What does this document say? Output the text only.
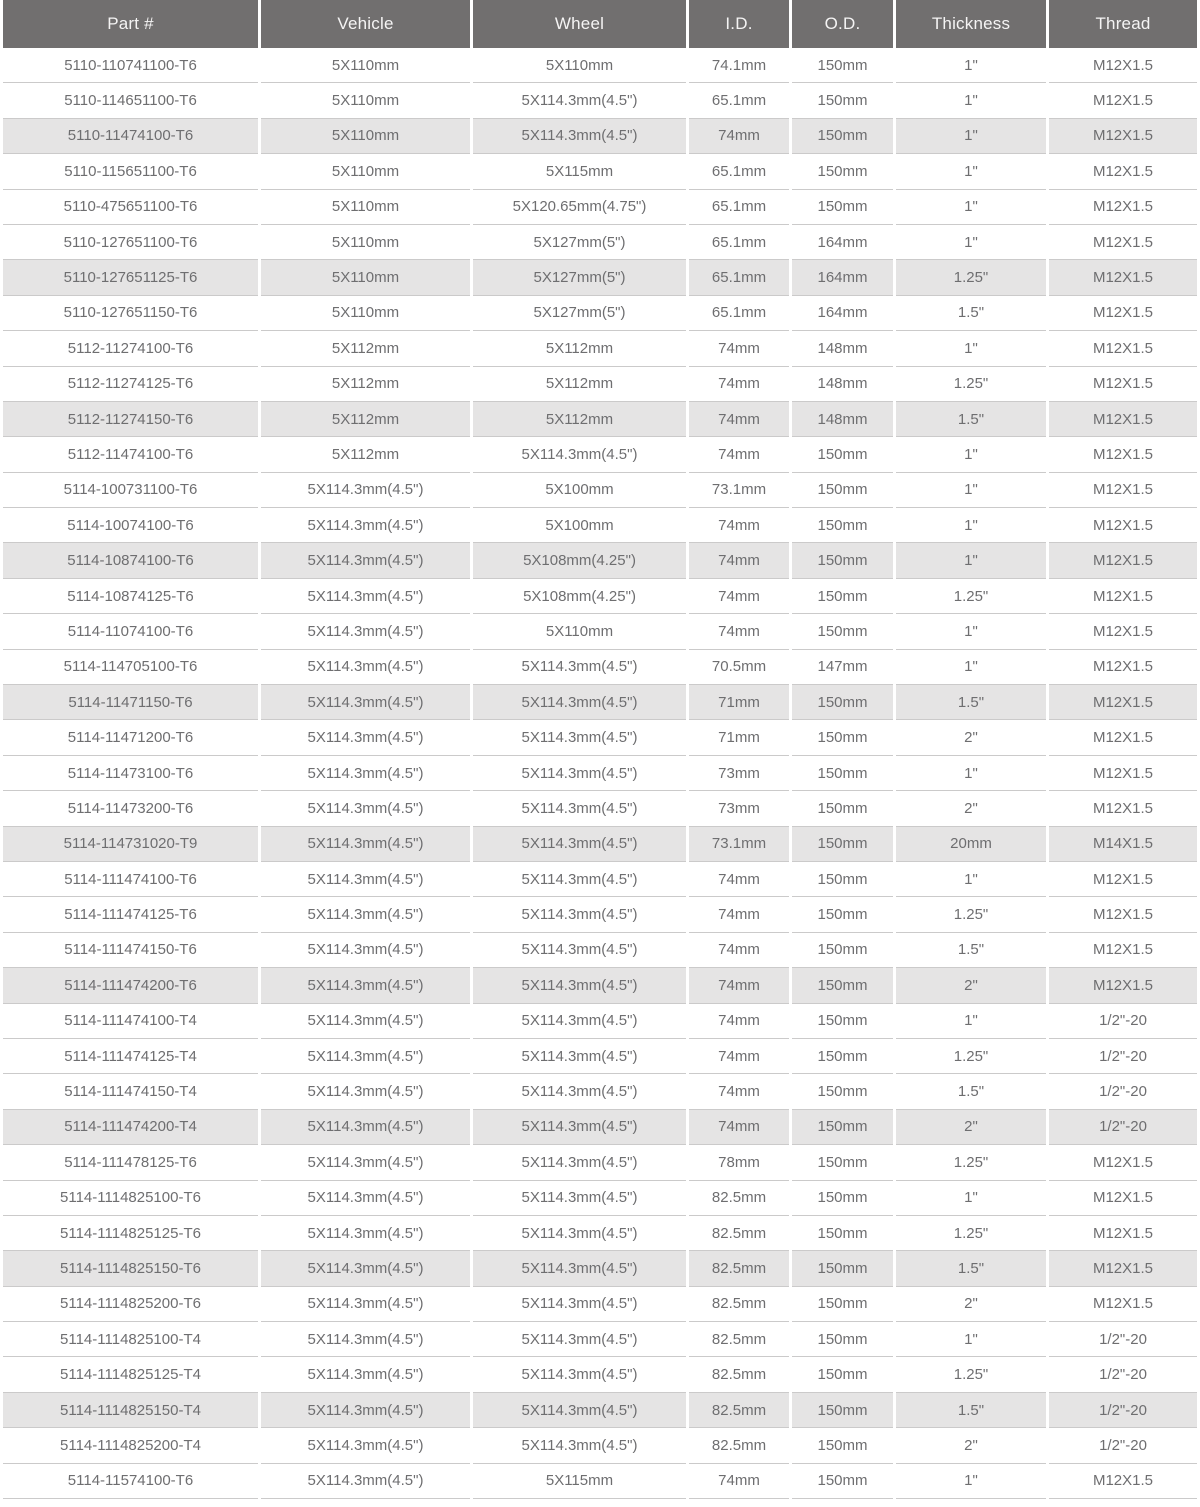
Part #	Vehicle	Wheel	I.D.	O.D.	Thickness	Thread
5110-110741100-T6	5X110mm	5X110mm	74.1mm	150mm	1"	M12X1.5
5110-114651100-T6	5X110mm	5X114.3mm(4.5")	65.1mm	150mm	1"	M12X1.5
5110-11474100-T6	5X110mm	5X114.3mm(4.5")	74mm	150mm	1"	M12X1.5
5110-115651100-T6	5X110mm	5X115mm	65.1mm	150mm	1"	M12X1.5
5110-475651100-T6	5X110mm	5X120.65mm(4.75")	65.1mm	150mm	1"	M12X1.5
5110-127651100-T6	5X110mm	5X127mm(5")	65.1mm	164mm	1"	M12X1.5
5110-127651125-T6	5X110mm	5X127mm(5")	65.1mm	164mm	1.25"	M12X1.5
5110-127651150-T6	5X110mm	5X127mm(5")	65.1mm	164mm	1.5"	M12X1.5
5112-11274100-T6	5X112mm	5X112mm	74mm	148mm	1"	M12X1.5
5112-11274125-T6	5X112mm	5X112mm	74mm	148mm	1.25"	M12X1.5
5112-11274150-T6	5X112mm	5X112mm	74mm	148mm	1.5"	M12X1.5
5112-11474100-T6	5X112mm	5X114.3mm(4.5")	74mm	150mm	1"	M12X1.5
5114-100731100-T6	5X114.3mm(4.5")	5X100mm	73.1mm	150mm	1"	M12X1.5
5114-10074100-T6	5X114.3mm(4.5")	5X100mm	74mm	150mm	1"	M12X1.5
5114-10874100-T6	5X114.3mm(4.5")	5X108mm(4.25")	74mm	150mm	1"	M12X1.5
5114-10874125-T6	5X114.3mm(4.5")	5X108mm(4.25")	74mm	150mm	1.25"	M12X1.5
5114-11074100-T6	5X114.3mm(4.5")	5X110mm	74mm	150mm	1"	M12X1.5
5114-114705100-T6	5X114.3mm(4.5")	5X114.3mm(4.5")	70.5mm	147mm	1"	M12X1.5
5114-11471150-T6	5X114.3mm(4.5")	5X114.3mm(4.5")	71mm	150mm	1.5"	M12X1.5
5114-11471200-T6	5X114.3mm(4.5")	5X114.3mm(4.5")	71mm	150mm	2"	M12X1.5
5114-11473100-T6	5X114.3mm(4.5")	5X114.3mm(4.5")	73mm	150mm	1"	M12X1.5
5114-11473200-T6	5X114.3mm(4.5")	5X114.3mm(4.5")	73mm	150mm	2"	M12X1.5
5114-114731020-T9	5X114.3mm(4.5")	5X114.3mm(4.5")	73.1mm	150mm	20mm	M14X1.5
5114-111474100-T6	5X114.3mm(4.5")	5X114.3mm(4.5")	74mm	150mm	1"	M12X1.5
5114-111474125-T6	5X114.3mm(4.5")	5X114.3mm(4.5")	74mm	150mm	1.25"	M12X1.5
5114-111474150-T6	5X114.3mm(4.5")	5X114.3mm(4.5")	74mm	150mm	1.5"	M12X1.5
5114-111474200-T6	5X114.3mm(4.5")	5X114.3mm(4.5")	74mm	150mm	2"	M12X1.5
5114-111474100-T4	5X114.3mm(4.5")	5X114.3mm(4.5")	74mm	150mm	1"	1/2"-20
5114-111474125-T4	5X114.3mm(4.5")	5X114.3mm(4.5")	74mm	150mm	1.25"	1/2"-20
5114-111474150-T4	5X114.3mm(4.5")	5X114.3mm(4.5")	74mm	150mm	1.5"	1/2"-20
5114-111474200-T4	5X114.3mm(4.5")	5X114.3mm(4.5")	74mm	150mm	2"	1/2"-20
5114-111478125-T6	5X114.3mm(4.5")	5X114.3mm(4.5")	78mm	150mm	1.25"	M12X1.5
5114-1114825100-T6	5X114.3mm(4.5")	5X114.3mm(4.5")	82.5mm	150mm	1"	M12X1.5
5114-1114825125-T6	5X114.3mm(4.5")	5X114.3mm(4.5")	82.5mm	150mm	1.25"	M12X1.5
5114-1114825150-T6	5X114.3mm(4.5")	5X114.3mm(4.5")	82.5mm	150mm	1.5"	M12X1.5
5114-1114825200-T6	5X114.3mm(4.5")	5X114.3mm(4.5")	82.5mm	150mm	2"	M12X1.5
5114-1114825100-T4	5X114.3mm(4.5")	5X114.3mm(4.5")	82.5mm	150mm	1"	1/2"-20
5114-1114825125-T4	5X114.3mm(4.5")	5X114.3mm(4.5")	82.5mm	150mm	1.25"	1/2"-20
5114-1114825150-T4	5X114.3mm(4.5")	5X114.3mm(4.5")	82.5mm	150mm	1.5"	1/2"-20
5114-1114825200-T4	5X114.3mm(4.5")	5X114.3mm(4.5")	82.5mm	150mm	2"	1/2"-20
5114-11574100-T6	5X114.3mm(4.5")	5X115mm	74mm	150mm	1"	M12X1.5
